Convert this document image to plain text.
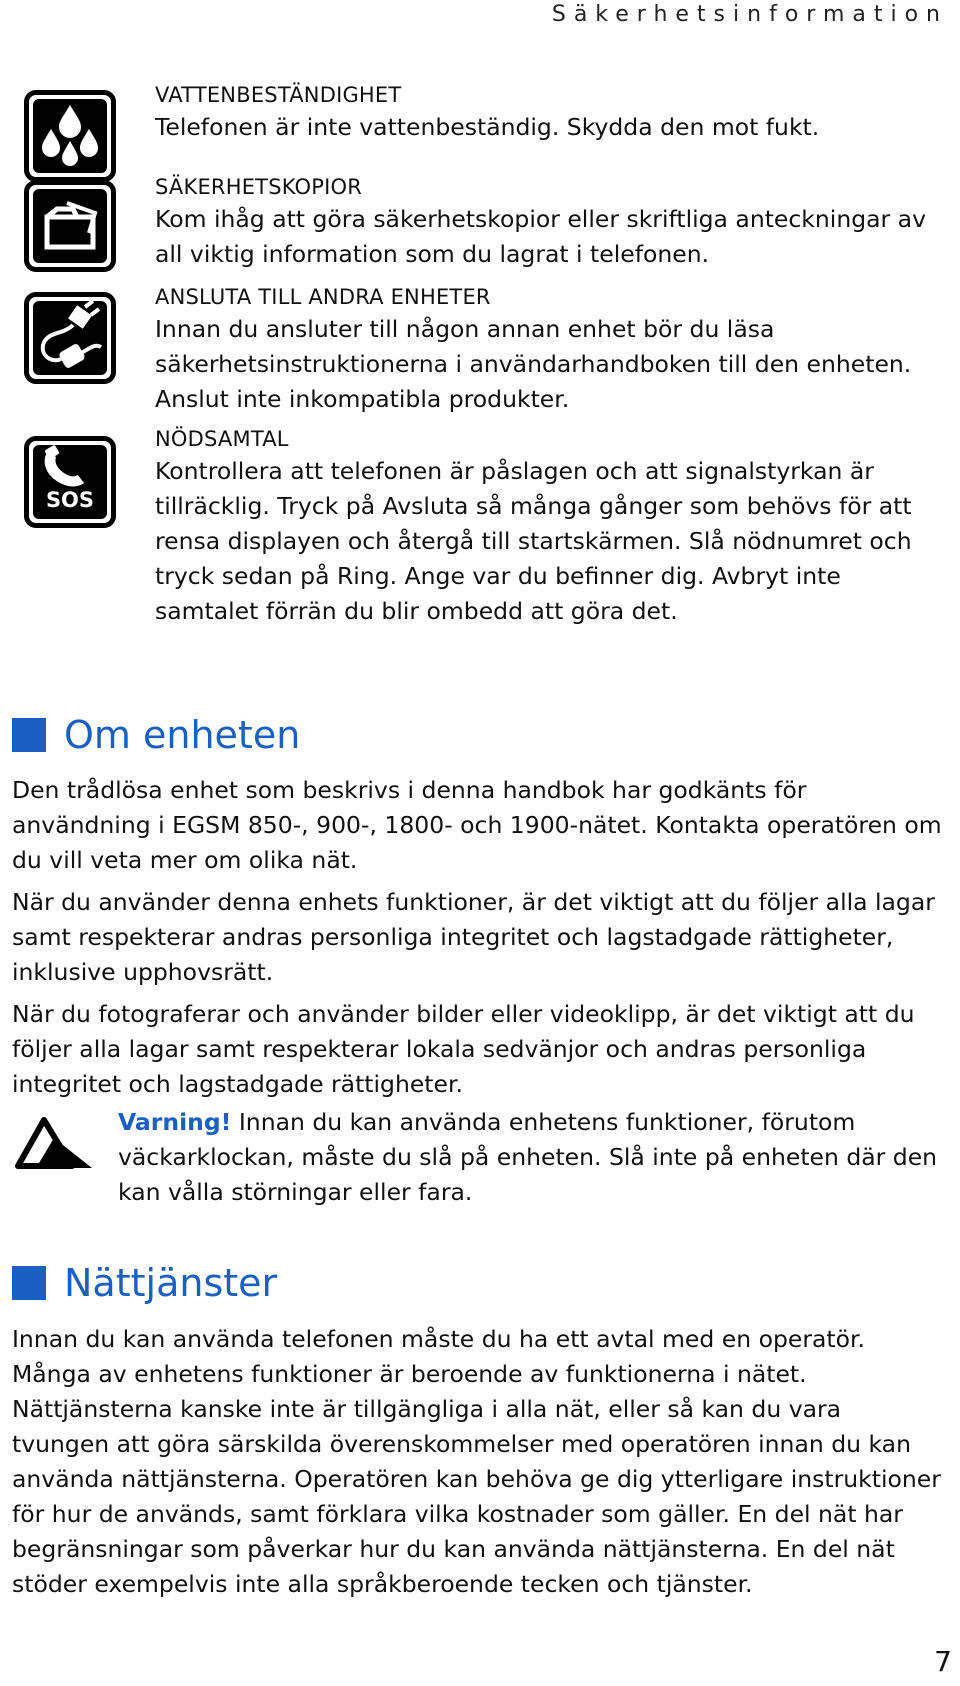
Säkerhetsinformation
VATTENBESTÄNDIGHET
Telefonen är inte vattenbeständig. Skydda den mot fukt.
SÄKERHETSKOPIOR
Kom ihåg att göra säkerhetskopior eller skriftliga anteckningar av all viktig information som du lagrat i telefonen.
ANSLUTA TILL ANDRA ENHETER
Innan du ansluter till någon annan enhet bör du läsa säkerhetsinstruktionerna i användarhandboken till den enheten. Anslut inte inkompatibla produkter.
SOS
NÖDSAMTAL
Kontrollera att telefonen är påslagen och att signalstyrkan är tillräcklig. Tryck på Avsluta så många gånger som behövs för att rensa displayen och återgå till startskärmen. Slå nödnumret och tryck sedan på Ring. Ange var du befinner dig. Avbryt inte samtalet förrän du blir ombedd att göra det.
Om enheten
Den trådlösa enhet som beskrivs i denna handbok har godkänts för användning i EGSM 850-, 900-, 1800- och 1900-nätet. Kontakta operatören om du vill veta mer om olika nät.
När du använder denna enhets funktioner, är det viktigt att du följer alla lagar samt respekterar andras personliga integritet och lagstadgade rättigheter, inklusive upphovsrätt.
När du fotograferar och använder bilder eller videoklipp, är det viktigt att du följer alla lagar samt respekterar lokala sedvänjor och andras personliga integritet och lagstadgade rättigheter.
Varning! Innan du kan använda enhetens funktioner, förutom väckarklockan, måste du slå på enheten. Slå inte på enheten där den kan vålla störningar eller fara.
Nättjänster
Innan du kan använda telefonen måste du ha ett avtal med en operatör. Många av enhetens funktioner är beroende av funktionerna i nätet. Nättjänsterna kanske inte är tillgängliga i alla nät, eller så kan du vara tvungen att göra särskilda överenskommelser med operatören innan du kan använda nättjänsterna. Operatören kan behöva ge dig ytterligare instruktioner för hur de används, samt förklara vilka kostnader som gäller. En del nät har begränsningar som påverkar hur du kan använda nättjänsterna. En del nät stöder exempelvis inte alla språkberoende tecken och tjänster.
7
